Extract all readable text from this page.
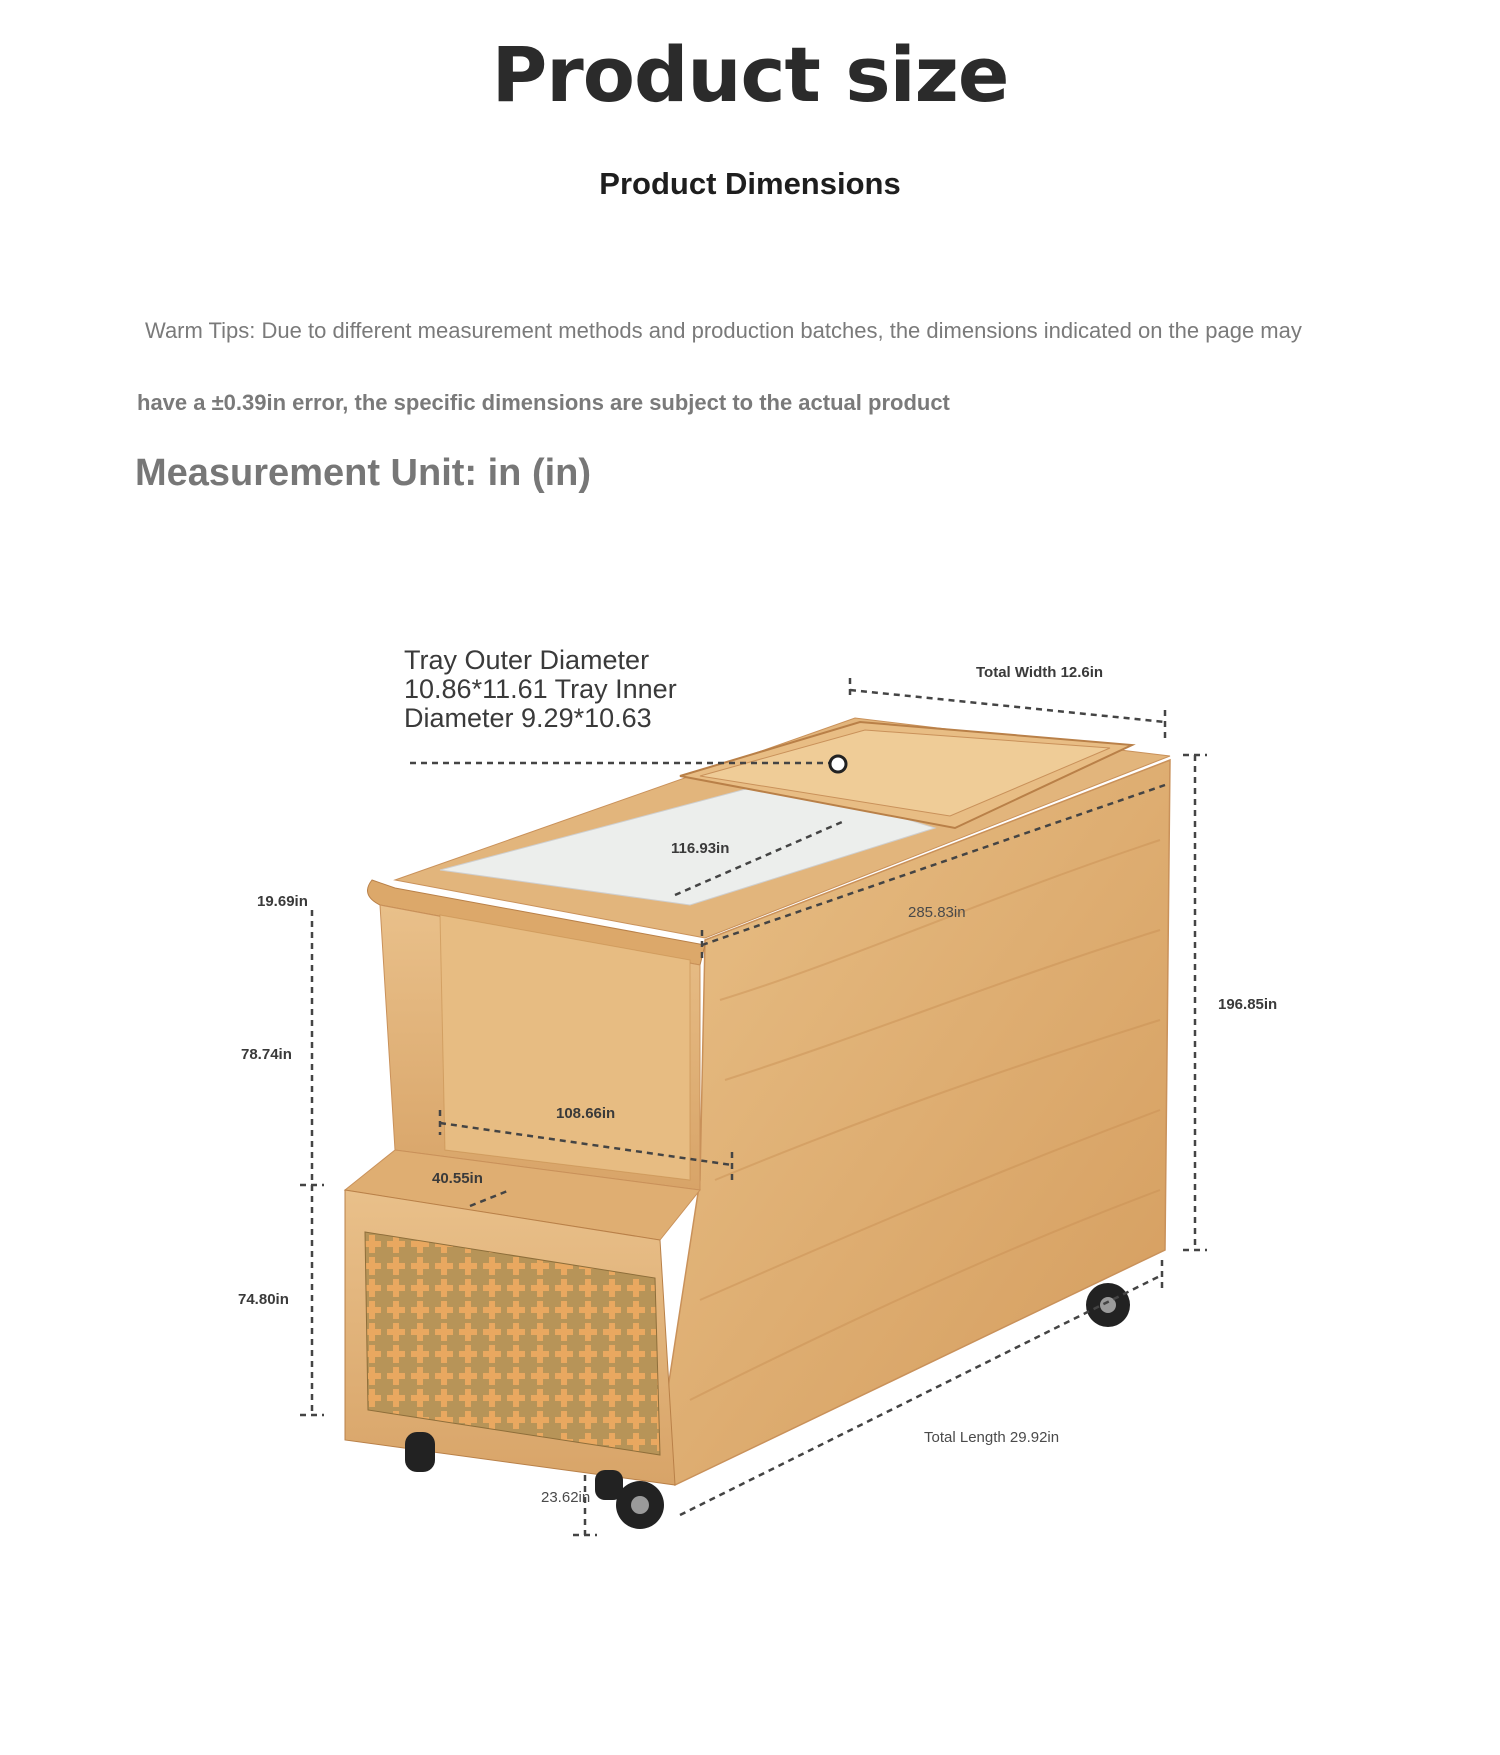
Product size
Product Dimensions
Warm Tips: Due to different measurement methods and production batches, the dimensions indicated on the page may
have a ±0.39in error, the specific dimensions are subject to the actual product
Measurement Unit: in (in)
Tray Outer Diameter 10.86*11.61 Tray Inner Diameter 9.29*10.63
Total Width 12.6in
116.93in
285.83in
196.85in
19.69in
78.74in
108.66in
40.55in
74.80in
Total Length 29.92in
23.62in
